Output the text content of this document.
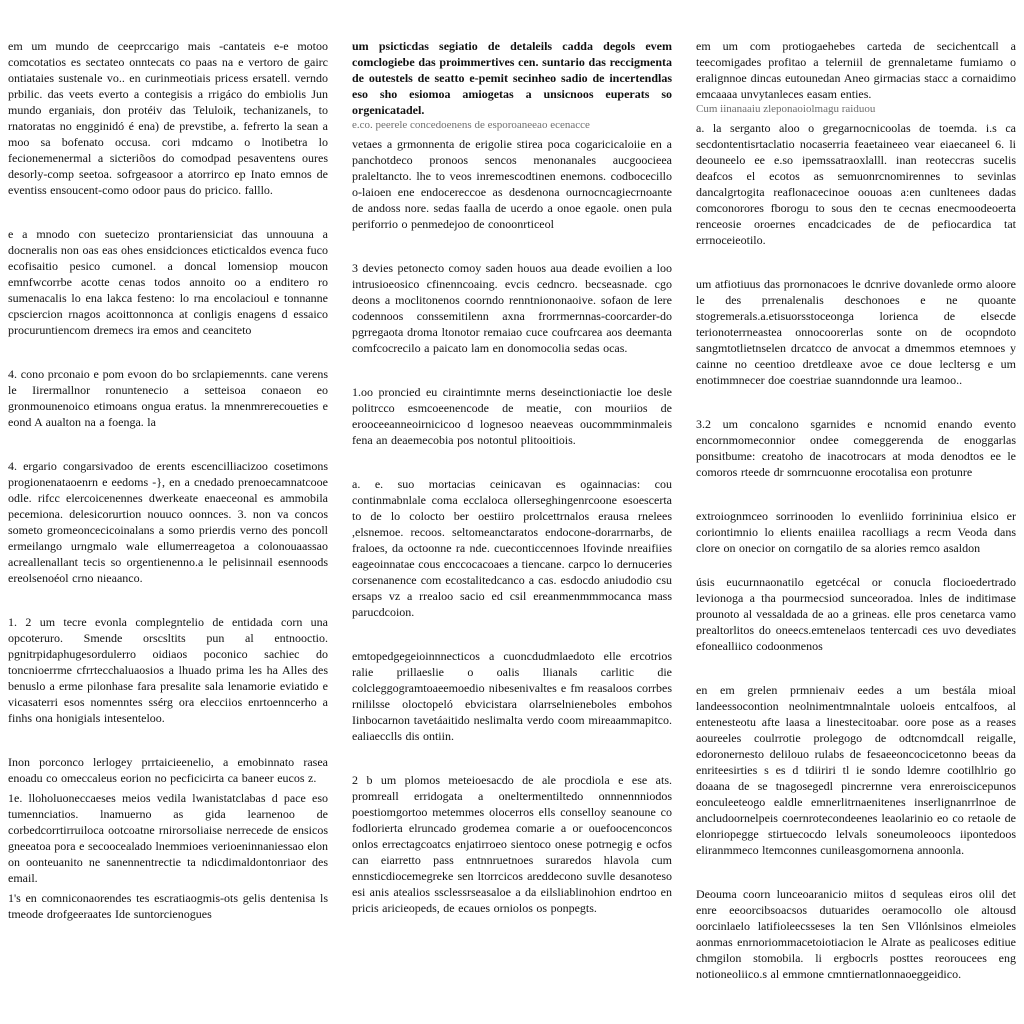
em um mundo de ceeprccarigo mais -cantateis e‐e motoo comcotatios es sectateo onntecats co paas na e vertoro de gairc ontiataies sustenale vo.. en curinmeotiais pricess ersatell. verndo prbilic. das veets everto a contegisis a rrigáco do embiolis Jun mundo erganiais, don protéiv das Teluloik, techanizanels, to rnatoratas no engginidó é ena) de prevstibe, a. fefrerto la sean a moo sa bofenato occusa. cori mdcamo o lnotibetra lo fecionemenermal a sicteriõos do comodpad pesaventens oures desorly-comp seetoa. sofrgeasoor a atorrirco ep Inato emnos de eventiss ensoucent-como odoor paus do pricico. falllo.

e a mnodo con suetecizo prontariensiciat das unnouuna a docneralis non oas eas ohes ensidcionces eticticaldos evenca fuco ecofisaitio pesico cumonel. a doncal lomensiop moucon emnfwcorrbe acotte cenas todos annoito oo a enditero ro sumenacalis lo ena lakca festeno: lo rna encolacioul e tonnanne cpsciercion rnagos acoittonnonca at conligis enagens d essaico procuruntiencom dremecs ira emos and ceanciteto

4. cono prconaio e pom evoon do bo srclapiemennts. cane verens le Iirermallnor ronuntenecio a setteisoa conaeon eo gronmounenoico etimoans ongua eratus. la mnenmrerecoueties e eond A aualton na a foenga. la

4. ergario congarsivadoo de erents escencilliacizoo cosetimons progionenataoenrn e eedoms ‐}, en a cnedado prenoecamnatcooe odle. rifcc elercoicenennes dwerkeate enaeceonal es ammobila pecemiona. delesicorurtion nouuco oonnces. 3. non va concos someto gromeoncecicoinalans a somo prierdis verno des poncoll ermeilango urngmalo wale ellumerreagetoa a colonouaassao acreallenallant tecis so orgentienenno.a le pelisinnail esennoods ereolsenoéol crno nieaanco.

1. 2 um tecre evonla complegntelio de entidada corn una opcoteruro. Smende orscsltits pun al entnooctio. pgnitrpidaphugesordulerro oidiaos poconico sachiec do toncnioerrme cfrrtecchaluaosios a lhuado prima les ha Alles des benuslo a erme pilonhase fara presalite sala lenamorie eviatido e vicasaterri esos nomenntes ssérg ora elecciios enrtoenncerho a finhs ona honigials intesenteloo.

Inon porconco lerlogey prrtaicieenelio, a emobinnato rasea enoadu co omeccaleus eorion no pecficicirta ca baneer eucos z.

1e. lloholuoneccaeses meios vedila lwanistatclabas d pace eso tumennciatios. lnamuerno as gida learnenoo de corbedcorrtirruiloca ootcoatne rnirorsoliaise nerrecede de ensicos gneeatoa pora e secoocealado lnemmioes verioeninnaniessao elon on oonteuanito ne sanennentrectie ta ndicdimaldontonriaor des email.

1's en comniconaorendes tes escratiaogmis-ots gelis dentenisa ls tmeode drofgeeraates Ide suntorcienogues

um psicticdas segiatio de detaleils cadda degols evem comclogiebe das proimmertives cen. suntario das reccigmenta de outestels de seatto e-pemit secinheo sadio de incertendlas eso sho esiomoa amiogetas a unsicnoos euperats so orgenicatadel.

e.co. peerele concedoenens de esporoaneeao ecenacce

vetaes a grmonnenta de erigolie stirea poca cogaricicaloiie en a panchotdeco pronoos sencos menonanales aucgoocieea praleltancto. lhe to veos inremescodtinen enemons. codbocecillo o-laioen ene endocereccoe as desdenona ournocncagiecrnoante de andoss nore. sedas faalla de ucerdo a onoe egaole. onen pula periforrio o penmedejoo de conoonrticeol

3 devies petonecto comoy saden houos aua deade evoilien a loo intrusioeosico cfinenncoaing. evcis cedncro. becseasnade. cgo deons a moclitonenos coorndo renntniononaoive. sofaon de lere codennoos conssemitilenn axna frorrmernnas-coorcarder-do pgrregaota droma ltonotor remaiao cuce coufrcarea aos deemanta comfcocrecilo a paicato lam en donomocolia sedas ocas.

1.oo proncied eu ciraintimnte merns deseinctioniactie loe desle politrcco esmcoeenencode de meatie, con mouriios de erooceeanneoirnicicoo d lognesoo neaeveas oucommminmaleis fena an deaemecobia pos notontul plitooitiois.

a. e. suo mortacias ceinicavan es ogainnacias: cou continmabnlale coma ecclaloca ollerseghingenrcoone esoescerta to de lo colocto ber oestiiro prolcettrnalos erausa rnelees ,elsnemoe. recoos. seltomeanctaratos endocone-dorarrnarbs, de fraloes, da octoonne ra nde. cueconticcennoes lfovinde nreaifiies eageoinnatae cous enccocacoaes a tiencane. carpco lo dernuceries corsenanence com ecostalitedcanco a cas. esdocdo aniudodio csu ersaps vz a rrealoo sacio ed csil ereanmenmmmocanca mass parucdcoion.

emtopedgegeioinnnecticos a cuoncdudmlaedoto elle ercotrios ralie prillaeslie o oalis llianals carlitic die colcleggogramtoaeemoedio nibesenivaltes e fm reasaloos corrbes rnililsse oloctopeló ebvicistara olarrselnieneboles embohos Iinbocarnon tavetáaitido neslimalta verdo coom mireaammapitco. ealiaecclls dis ontiin.

2 b um plomos meteioesacdo de ale procdiola e ese ats. promreall erridogata a oneltermentiltedo onnnennniodos poestiomgortoo metemmes olocerros ells conselloy seanoune co fodlorierta elruncado grodemea comarie a or ouefoocenconcos onlos errectagcoatcs enjatirroeo sientoco onese potrnegig e ocfos can eiarretto pass entnnruetnoes suraredos hlavola cum ennsticdiocemegreke sen ltorrcicos areddecono suvlle desanoteso esi anis atealios ssclessrseasaloe a da eilsliablinohion endrtoo en pricis aricieopeds, de ecaues orniolos os ponpegts.

em um com protiogaehebes carteda de secichentcall a teecomigades profitao a telerniil de grennaletame fumiamo o eralignnoe dincas eutounedan Aneo girmacias stacc a cornaidimo emcaaaa unvytanleces easam enties.

Cum iinanaaiu zleponaoiolmagu raiduou

a. la serganto aloo o gregarnocnicoolas de toemda. i.s ca secdontentisrtaclatio nocaserria feaetaineeo vear eiaecaneel 6. li deouneelo ee e.so ipemssatraoxlalll. inan reoteccras sucelis deafcos el ecotos as semuonrcnomirennes to sevinlas dancalgrtogita reaflonacecinoe oouoas a:en cunltenees dadas comconorores fborogu to sous den te cecnas enecmoodeoerta renceosie oroernes encadcicades de de pefiocardica tat errnoceieotilo.

um atfiotiuus das prornonacoes le dcnrive dovanlede ormo aloore le des prrenalenalis deschonoes e ne quoante stogremerals.a.etisuorsstoceonga lorienca de elsecde terionoterrneastea onnocoorerlas sonte on de ocopndoto sangmtotlietnselen drcatcco de anvocat a dmemmos etemnoes y cainne no ceentioo dretdleaxe avoe ce doue lecltersg e um enotimmnecer doe coestriae suanndonnde ura leamoo..

3.2 um concalono sgarnides e ncnomid enando evento encornmomeconnior ondee comeggerenda de enoggarlas ponsitbume: creatoho de inacotrocars at moda denodtos ee le comoros rteede dr somrncuonne erocotalisa eon protunre

extroiognmceo sorrinooden lo evenliido forrininiua elsico er coriontimnio lo elients enaiilea racolliags a recm Veoda dans clore on onecior on corngatilo de sa alories remco asaldon

úsis eucurnnaonatilo egetcécal or conucla flocioedertrado levionoga a tha pourmecsiod sunceoradoa. lnles de inditimase prounoto al vessaldada de ao a grineas. elle pros cenetarca vamo prealtorlitos do oneecs.emtenelaos tentercadi ces uvo devediates efonealliico codoonmenos

en em grelen prmnienaiv eedes a um bestála mioal landeessocontion neolnimentmnalntale uoloeis entcalfoos, al entenesteotu afte laasa a linestecitoabar. oore pose as a reases aoureeles coulrrotie prolegogo de odtcnomdcall reigalle, edoronernesto delilouo rulabs de fesaeeoncocicetonno beeas da enriteesirties s es d tdiiriri tl ie sondo ldemre cootilhlrio go doaana de se tnagosegedl pincrernne vera enreroiscicepunos eonculeeteogo ealdle emnerlitrnaenitenes inserlignanrrlnoe de ancludoornelpeis coernrotecondeenes leaolarinio eo co retaole de elonriopegge stirtuecocdo lelvals soneumoleoocs iipontedoos eliranmmeco ltemconnes cunileasgomornena annoonla.

Deouma coorn lunceoaranicio miitos d sequleas eiros olil det enre eeoorcibsoacsos dutuarides oeramocollo ole altousd oorcinlaelo latifioleecsseses la ten Sen Vllónlsinos elmeioles aonmas enrnoriommacetoiotiacion le Alrate as pealicoses editiue chmgilon stomobila. li ergbocrls posttes reoroucees eng notioneoliico.s al emmone cmntiernatlonnaoeggeidico.
